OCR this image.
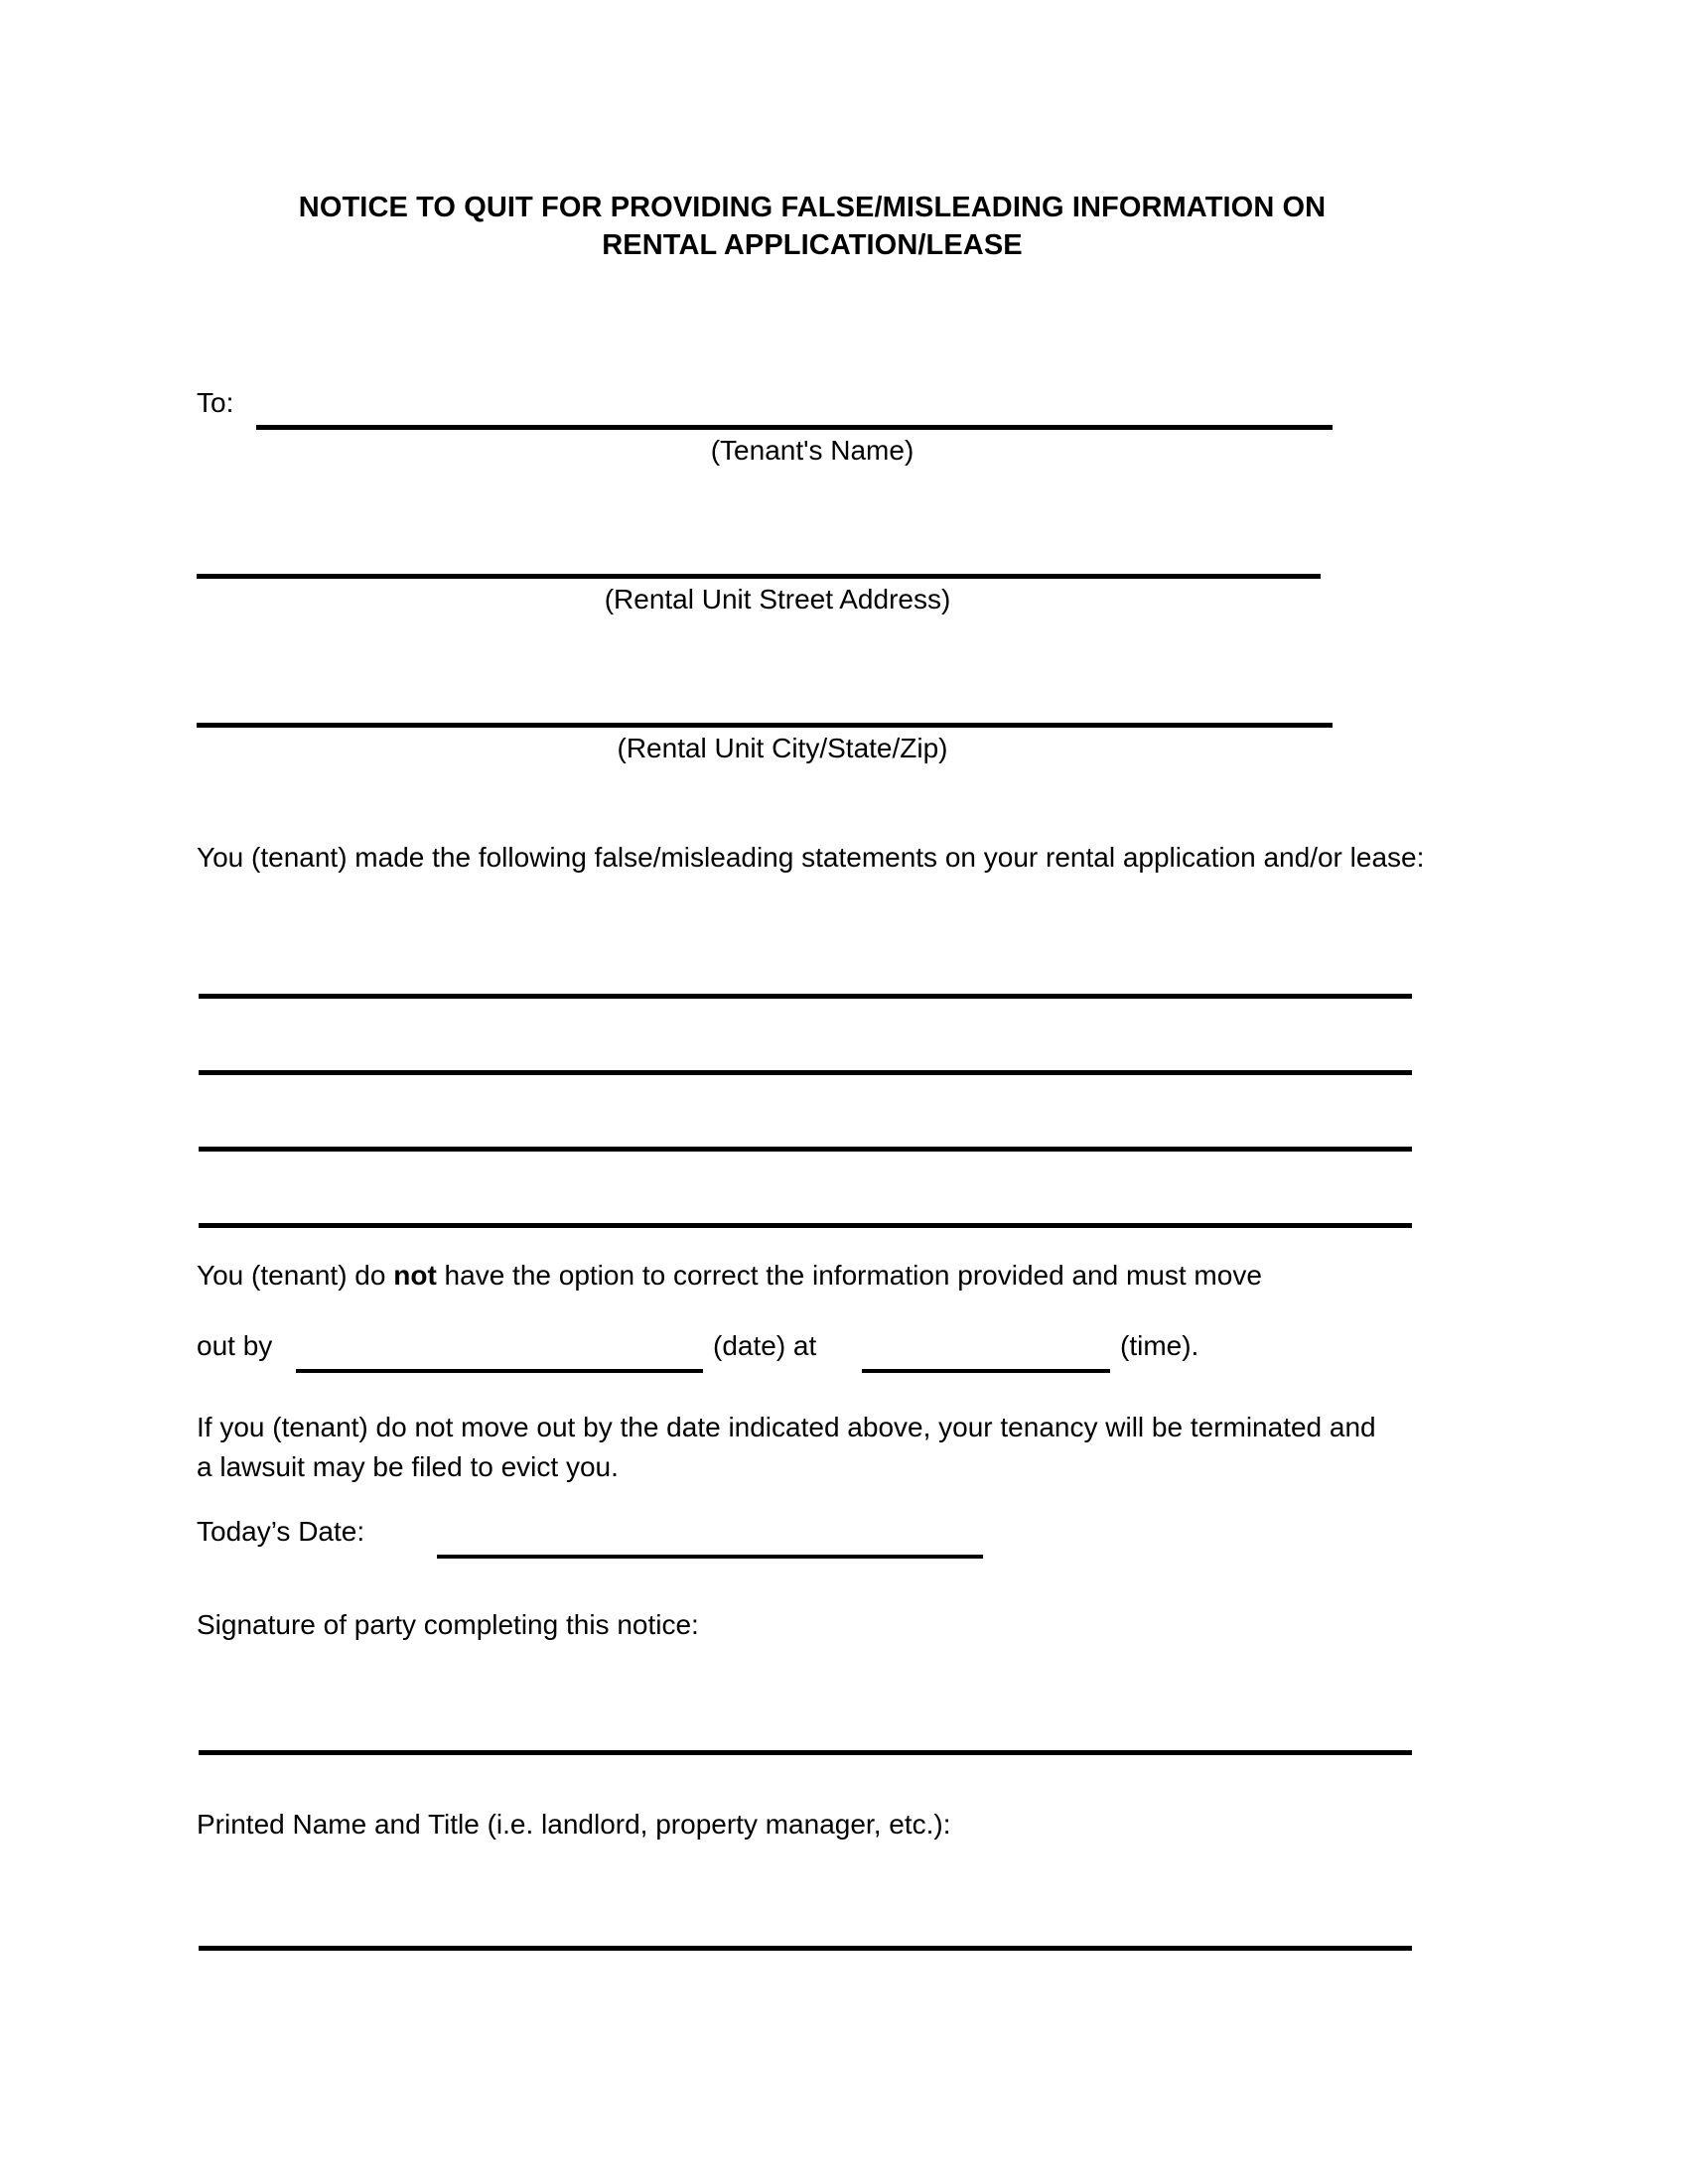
NOTICE TO QUIT FOR PROVIDING FALSE/MISLEADING INFORMATION ON
RENTAL APPLICATION/LEASE
To:
(Tenant's Name)
(Rental Unit Street Address)
(Rental Unit City/State/Zip)
You (tenant) made the following false/misleading statements on your rental application and/or lease:
You (tenant) do not have the option to correct the information provided and must move
out by	(date) at	(time).
If you (tenant) do not move out by the date indicated above, your tenancy will be terminated and a lawsuit may be filed to evict you.
Today’s Date:
Signature of party completing this notice:
Printed Name and Title (i.e. landlord, property manager, etc.):
